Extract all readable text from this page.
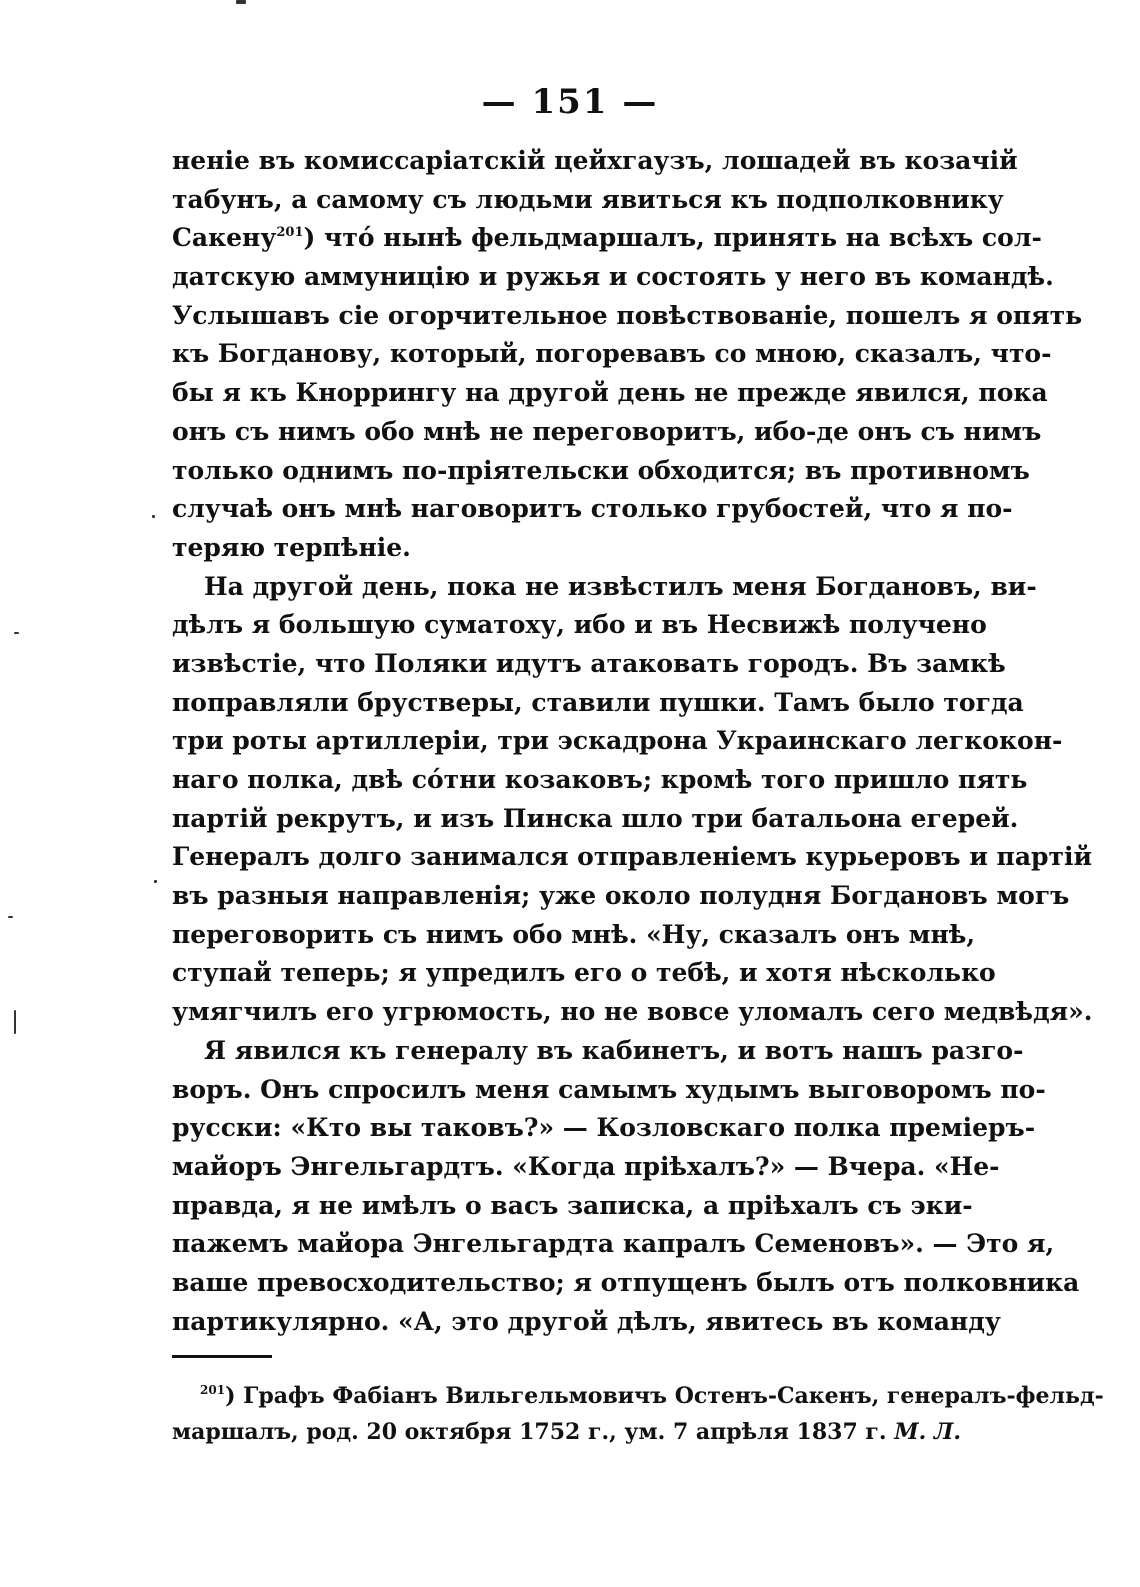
— 151 —
неніе въ комиссаріатскій цейхгаузъ, лошадей въ козачій
табунъ, а самому съ людьми явиться къ подполковнику
Сакену$^{201}$) чтó нынѣ фельдмаршалъ, принять на всѣхъ сол-
датскую аммуницію и ружья и состоять у него въ командѣ.
Услышавъ сіе огорчительное повѣствованіе, пошелъ я опять
къ Богданову, который, погоревавъ со мною, сказалъ, что-
бы я къ Кноррингу на другой день не прежде явился, пока
онъ съ нимъ обо мнѣ не переговоритъ, ибо-де онъ съ нимъ
только однимъ по-пріятельски обходится; въ противномъ
случаѣ онъ мнѣ наговоритъ столько грубостей, что я по-
теряю терпѣніе.
На другой день, пока не извѣстилъ меня Богдановъ, ви-
дѣлъ я большую суматоху, ибо и въ Несвижѣ получено
извѣстіе, что Поляки идутъ атаковать городъ. Въ замкѣ
поправляли брустверы, ставили пушки. Тамъ было тогда
три роты артиллеріи, три эскадрона Украинскаго легкокон-
наго полка, двѣ сóтни козаковъ; кромѣ того пришло пять
партій рекрутъ, и изъ Пинска шло три батальона егерей.
Генералъ долго занимался отправленіемъ курьеровъ и партій
въ разныя направленія; уже около полудня Богдановъ могъ
переговорить съ нимъ обо мнѣ. «Ну, сказалъ онъ мнѣ,
ступай теперь; я упредилъ его о тебѣ, и хотя нѣсколько
умягчилъ его угрюмость, но не вовсе уломалъ сего медвѣдя».
Я явился къ генералу въ кабинетъ, и вотъ нашъ разго-
воръ. Онъ спросилъ меня самымъ худымъ выговоромъ по-
русски: «Кто вы таковъ?» — Козловскаго полка преміеръ-
майоръ Энгельгардтъ. «Когда пріѣхалъ?» — Вчера. «Не-
правда, я не имѣлъ о васъ записка, а пріѣхалъ съ эки-
пажемъ майора Энгельгардта капралъ Семеновъ». — Это я,
ваше превосходительство; я отпущенъ былъ отъ полковника
партикулярно. «А, это другой дѣлъ, явитесь въ команду
$^{201}$) Графъ Фабіанъ Вильгельмовичъ Остенъ-Сакенъ, генералъ-фельд-
маршалъ, род. 20 октября 1752 г., ум. 7 апрѣля 1837 г. М. Л.
